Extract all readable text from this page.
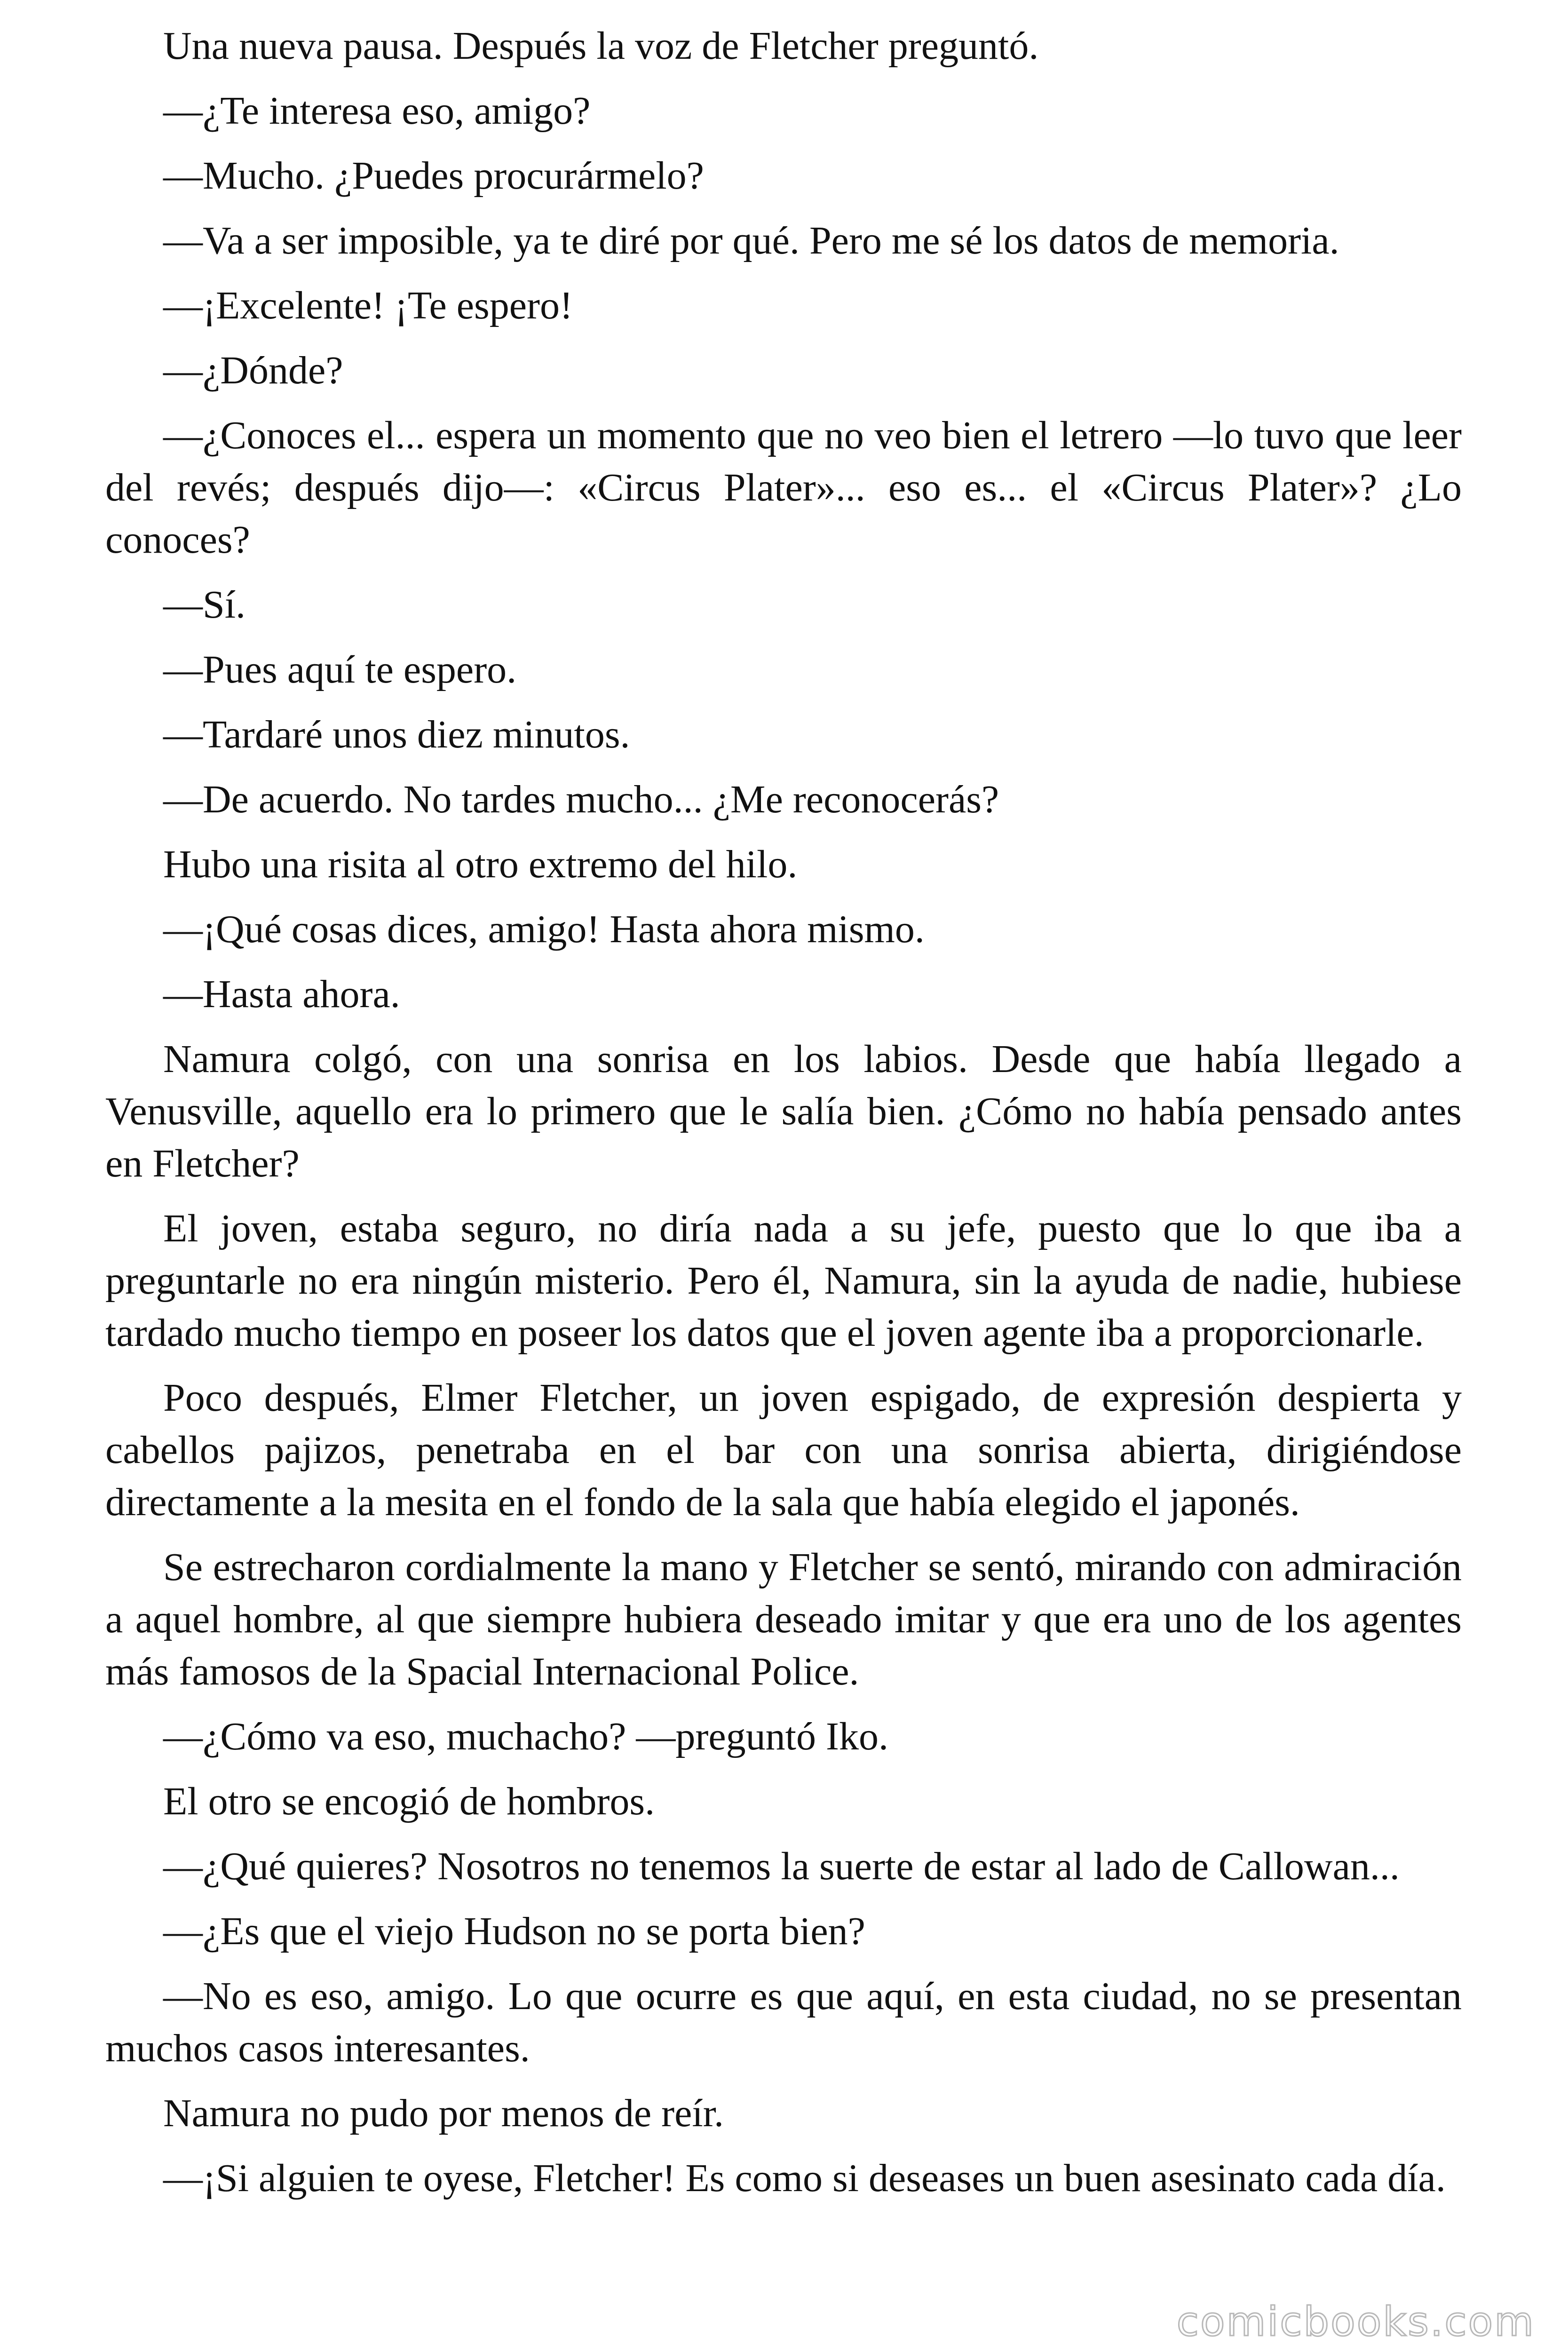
Una nueva pausa. Después la voz de Fletcher preguntó.

—¿Te interesa eso, amigo?

—Mucho. ¿Puedes procurármelo?

—Va a ser imposible, ya te diré por qué. Pero me sé los datos de memoria.

—¡Excelente! ¡Te espero!

—¿Dónde?

—¿Conoces el... espera un momento que no veo bien el letrero —lo tuvo que leer del revés; después dijo—: «Circus Plater»... eso es... el «Circus Plater»? ¿Lo conoces?

—Sí.

—Pues aquí te espero.

—Tardaré unos diez minutos.

—De acuerdo. No tardes mucho... ¿Me reconocerás?

Hubo una risita al otro extremo del hilo.

—¡Qué cosas dices, amigo! Hasta ahora mismo.

—Hasta ahora.

Namura colgó, con una sonrisa en los labios. Desde que había llegado a Venusville, aquello era lo primero que le salía bien. ¿Cómo no había pensado antes en Fletcher?

El joven, estaba seguro, no diría nada a su jefe, puesto que lo que iba a preguntarle no era ningún misterio. Pero él, Namura, sin la ayuda de nadie, hubiese tardado mucho tiempo en poseer los datos que el joven agente iba a proporcionarle.

Poco después, Elmer Fletcher, un joven espigado, de expresión despierta y cabellos pajizos, penetraba en el bar con una sonrisa abierta, dirigiéndose directamente a la mesita en el fondo de la sala que había elegido el japonés.

Se estrecharon cordialmente la mano y Fletcher se sentó, mirando con admiración a aquel hombre, al que siempre hubiera deseado imitar y que era uno de los agentes más famosos de la Spacial Internacional Police.

—¿Cómo va eso, muchacho? —preguntó Iko.

El otro se encogió de hombros.

—¿Qué quieres? Nosotros no tenemos la suerte de estar al lado de Callowan...

—¿Es que el viejo Hudson no se porta bien?

—No es eso, amigo. Lo que ocurre es que aquí, en esta ciudad, no se presentan muchos casos interesantes.

Namura no pudo por menos de reír.

—¡Si alguien te oyese, Fletcher! Es como si deseases un buen asesinato cada día.

comicbooks.com
